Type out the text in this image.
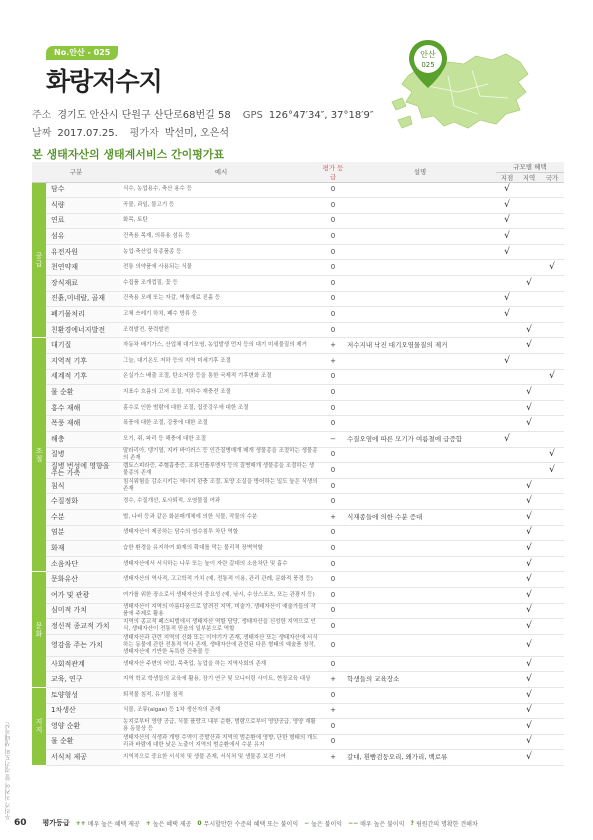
우리가 지켜야 할 경기도의 생태자산
No.안산 - 025
화랑저수지
안산
025
주소 경기도 안산시 단원구 산단로68번길 58 GPS 126°47′34″, 37°18′9″
날짜 2017.07.25. 평가자 박선미, 오은석
본 생태자산의 생태계서비스 간이평가표
구분		예시	평가 등급	설명	규모별 혜택		
					지점	지역	국가
공급	담수	식수, 농업용수, 축산 용수 등	0		√		
	식량	곡물, 과일, 물고기 등	0		√		
	연료	화목, 토탄	0		√		
	섬유	건축용 목재, 의류용 섬유 등	0		√		
	유전자원	농업·축산업 육종품종 등	0		√		
	천연약재	전통 의약품에 사용되는 식물	0				√
	장식재료	수집품 조개껍질, 꽃 등	0			√	
	진흙,미네랄, 골재	건축용 모래 또는 자갈, 벽돌재료 진흙 등	0		√		
	폐기물처리	고체 쓰레기 하치, 폐수 방류 등	0		√		
	친환경에너지발전	조력발전, 풍력발전	0			√	
조절	대기질	자동차 배기가스, 산업체 대기오염, 농업발생 먼지 등의 대기 미세물질의 제거	+	저수지내 낙진 대기오염물질의 제거		√	
	지역적 기후	그늘, 대기온도 저하 등의 지역 미세기후 조절	+		√		
	세계적 기후	온실가스 배출 조절, 탄소저장 등을 통한 국제적 기후변화 조절	0				√
	물 순환	지표수 흐름의 고저 조절, 지하수 재충전 조절	0			√	
	홍수 재해	홍수로 인한 범람에 대한 조절, 집중강우에 대한 조절	0			√	
	폭풍 재해	폭풍에 대한 조절, 강풍에 대한 조절	0			√	
	해충	모기, 쥐, 파리 등 해충에 대한 조절	−	수질오염에 따른 모기가 여름철에 급증함	√		
	질병	말라리아, 댕기열, 지카 바이러스 등 인간질병매개 매개 생물종을 조절하는 생물종의 존재	0				√
	질병 번성에 영향을 주는 가축	렙토스피라증, 주혈흡충증, 조류인플루엔자 등의 질병매개 생물종을 조절하는 생물종의 존재	0				√
	침식	침식위험을 감소시키는 에너지 완충 조절, 토양 소실을 방어하는 일도 높은 식생의 존재	0			√	
	수질정화	정수, 수질개선, 토사퇴적, 오염물질 여과	0			√	
	수분	벌, 나비 등과 같은 화분매개체에 의한 식물, 작물의 수분	+	식재종들에 의한 수분 증대		√	
	염분	생태자산이 제공하는 담수의 염수침투 차단 역할	0			√	
	화재	습한 환경을 유지하여 화재의 확대를 막는 물리적 장벽역할	0			√	
	소음차단	생태자산에서 서식하는 나무 또는 높이 자란 갈대의 소음차단 및 흡수	0			√	
문화	문화유산	생태자산의 역사적, 고고학적 가치 (예, 전통적 이용, 관리 관례, 문화적 풍경 등)	0			√	
	여가 및 관광	여가를 위한 장소로서 생태자산의 중요성 (예, 낚시, 수상스포츠, 또는 관광지 등)	0			√	
	심미적 가치	생태자산이 지역의 아름다움으로 알려진 지역, 미술가, 생태자산이 예술가들의 작품에 주제로 활용	0			√	
	정신적 종교적 가치	지역의 종교적 페스티벌에서 생태자산 역할 담당, 생태자산을 신성한 지역으로 인식, 생태자산이 전통적 믿음의 일부분으로 역할	0			√	
	영감을 주는 가치	생태자산과 관련 지역의 신화 또는 이야기가 존재, 생태자산 또는 생태자산에 서식하는 동물에 관한 전통적 역사 존재, 생태자산에 관련된 다른 형태의 예술품 창작, 생태자산에 기반한 독특한 건축물 등	0			√	
	사회적관계	생태자산 주변의 어업, 목축업, 농업을 하는 지역사회의 존재	0			√	
	교육, 연구	지역 학교 학생들의 교육에 활용, 장기 연구 및 모니터링 사이트, 현장교육 대상	+	학생들의 교육장소		√	
지지	토양형성	퇴적물 침적, 유기물 침적	0			√	
	1차생산	식물, 조류(algae) 등 1차 생산자의 존재	+			√	
	영양 순환	농지로부터 영양 공급, 식물 플랑크 내부 순환, 범람으로부터 영양공급, 영양 재활용 동물상 등	0			√	
	물 순환	생태자산의 식생과 개방 수역이 증발산과 지역의 범순환에 영향, 단한 형태의 개도리과 바람에 대한 낮은 노출이 지역의 범순환에서 수분 유지	0			√	
	서식처 제공	지역적으로 중요한 서식처 및 생물 존재, 서식처 및 생물종 보전 기여	+	갈대, 흰뺨검둥오리, 왜가리, 백로류		√	
60 평가등급 ++ 매우 높은 혜택 제공 + 높은 혜택 제공 0 무시할만한 수준의 혜택 또는 불이익 − 높은 불이익 −− 매우 높은 불이익 ? 림원간의 명확한 견해차
